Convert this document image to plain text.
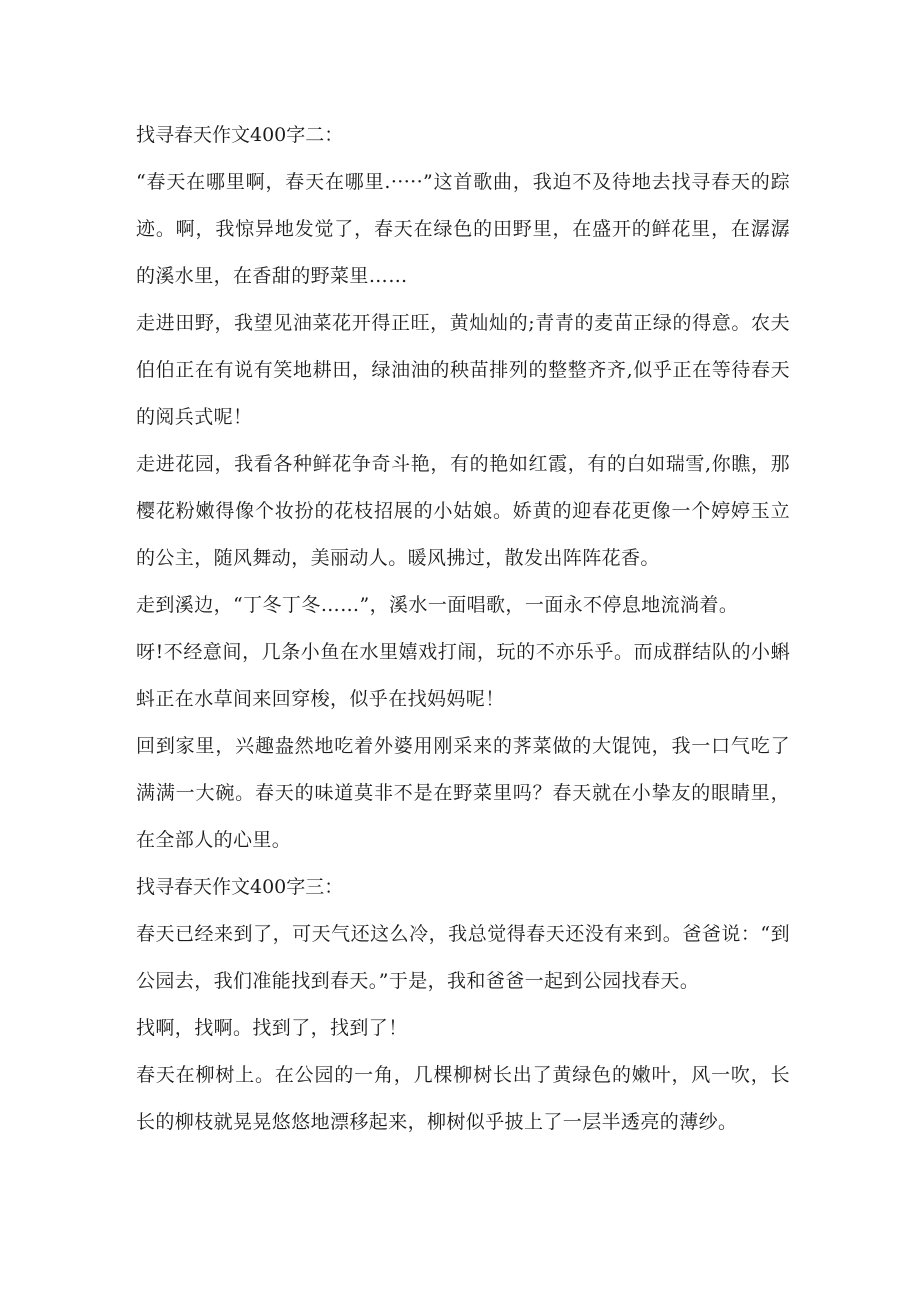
找寻春天作文400字二：

“春天在哪里啊，春天在哪里.·····”这首歌曲，我迫不及待地去找寻春天的踪迹。啊，我惊异地发觉了，春天在绿色的田野里，在盛开的鲜花里，在潺潺的溪水里，在香甜的野菜里……

走进田野，我望见油菜花开得正旺，黄灿灿的;青青的麦苗正绿的得意。农夫伯伯正在有说有笑地耕田，绿油油的秧苗排列的整整齐齐,似乎正在等待春天的阅兵式呢！

走进花园，我看各种鲜花争奇斗艳，有的艳如红霞，有的白如瑞雪,你瞧，那樱花粉嫩得像个妆扮的花枝招展的小姑娘。娇黄的迎春花更像一个婷婷玉立的公主，随风舞动，美丽动人。暖风拂过，散发出阵阵花香。

走到溪边，“丁冬丁冬……”，溪水一面唱歌，一面永不停息地流淌着。

呀!不经意间，几条小鱼在水里嬉戏打闹，玩的不亦乐乎。而成群结队的小蝌蚪正在水草间来回穿梭，似乎在找妈妈呢！

回到家里，兴趣盎然地吃着外婆用刚采来的荠菜做的大馄饨，我一口气吃了满满一大碗。春天的味道莫非不是在野菜里吗？春天就在小挚友的眼睛里，在全部人的心里。

找寻春天作文400字三：

春天已经来到了，可天气还这么冷，我总觉得春天还没有来到。爸爸说：“到公园去，我们准能找到春天。”于是，我和爸爸一起到公园找春天。

找啊，找啊。找到了，找到了！

春天在柳树上。在公园的一角，几棵柳树长出了黄绿色的嫩叶，风一吹，长长的柳枝就晃晃悠悠地漂移起来，柳树似乎披上了一层半透亮的薄纱。
